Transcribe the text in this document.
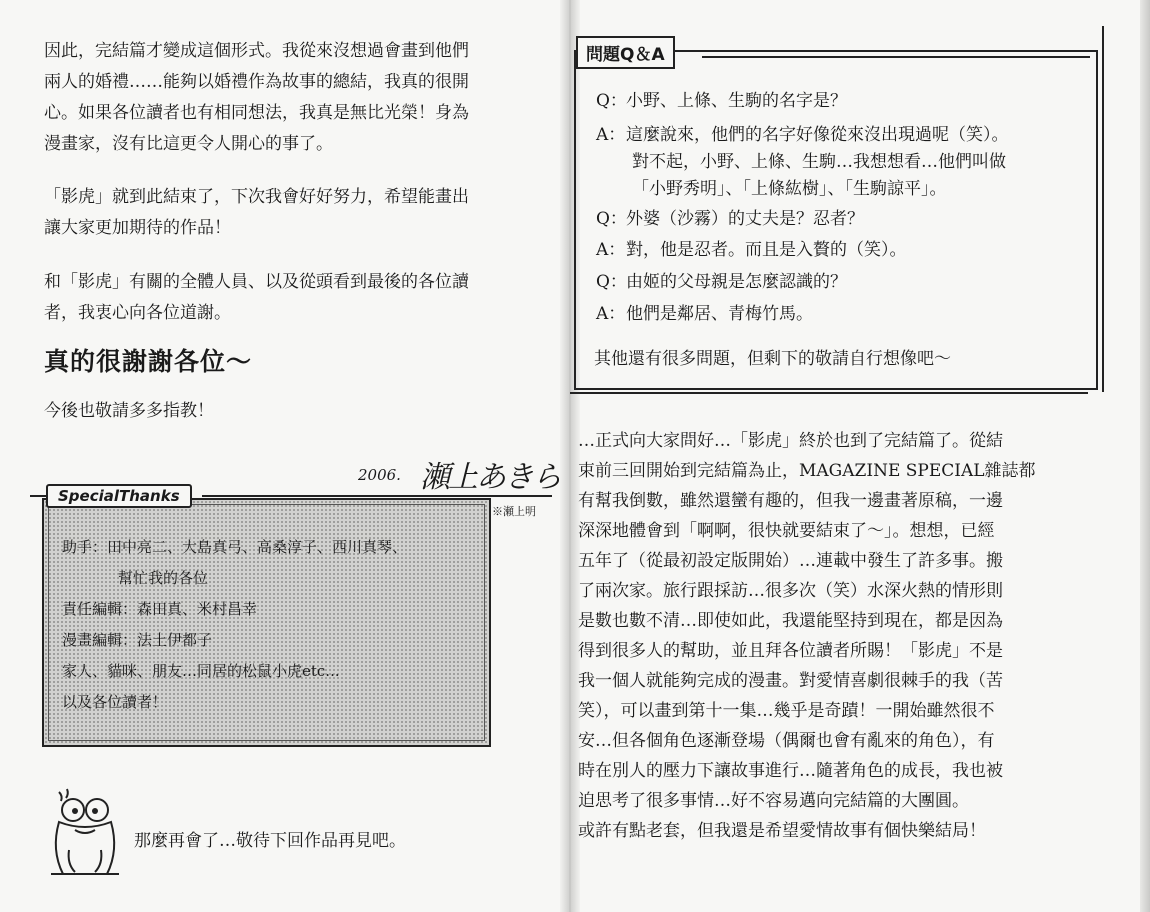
因此，完結篇才變成這個形式。我從來沒想過會畫到他們
兩人的婚禮……能夠以婚禮作為故事的總結，我真的很開
心。如果各位讀者也有相同想法，我真是無比光榮！身為
漫畫家，沒有比這更令人開心的事了。
「影虎」就到此結束了，下次我會好好努力，希望能畫出
讓大家更加期待的作品！
和「影虎」有關的全體人員、以及從頭看到最後的各位讀
者，我衷心向各位道謝。
真的很謝謝各位～

今後也敬請多多指教！

2006. 瀬上あきら
※瀬上明
SpecialThanks

助手：田中亮二、大島真弓、高桑淳子、西川真琴、

幫忙我的各位

責任編輯：森田真、米村昌幸

漫畫編輯：法土伊都子

家人、貓咪、朋友…同居的松鼠小虎etc...

以及各位讀者！

那麼再會了…敬待下回作品再見吧。

問題Q＆A

Q：小野、上條、生駒的名字是？

A：這麼說來，他們的名字好像從來沒出現過呢（笑）。

對不起，小野、上條、生駒…我想想看…他們叫做

「小野秀明」、「上條紘樹」、「生駒諒平」。

Q：外婆（沙霧）的丈夫是？忍者？

A：對，他是忍者。而且是入贅的（笑）。

Q：由姬的父母親是怎麼認識的？

A：他們是鄰居、青梅竹馬。

其他還有很多問題，但剩下的敬請自行想像吧～

…正式向大家問好…「影虎」終於也到了完結篇了。從結
束前三回開始到完結篇為止，MAGAZINE SPECIAL雜誌都
有幫我倒數，雖然還蠻有趣的，但我一邊畫著原稿，一邊
深深地體會到「啊啊，很快就要結束了～」。想想，已經
五年了（從最初設定版開始）…連載中發生了許多事。搬
了兩次家。旅行跟採訪…很多次（笑）水深火熱的情形則
是數也數不清…即使如此，我還能堅持到現在，都是因為
得到很多人的幫助，並且拜各位讀者所賜！「影虎」不是
我一個人就能夠完成的漫畫。對愛情喜劇很棘手的我（苦
笑），可以畫到第十一集…幾乎是奇蹟！一開始雖然很不
安…但各個角色逐漸登場（偶爾也會有亂來的角色），有
時在別人的壓力下讓故事進行…隨著角色的成長，我也被
迫思考了很多事情…好不容易邁向完結篇的大團圓。
或許有點老套，但我還是希望愛情故事有個快樂結局！
